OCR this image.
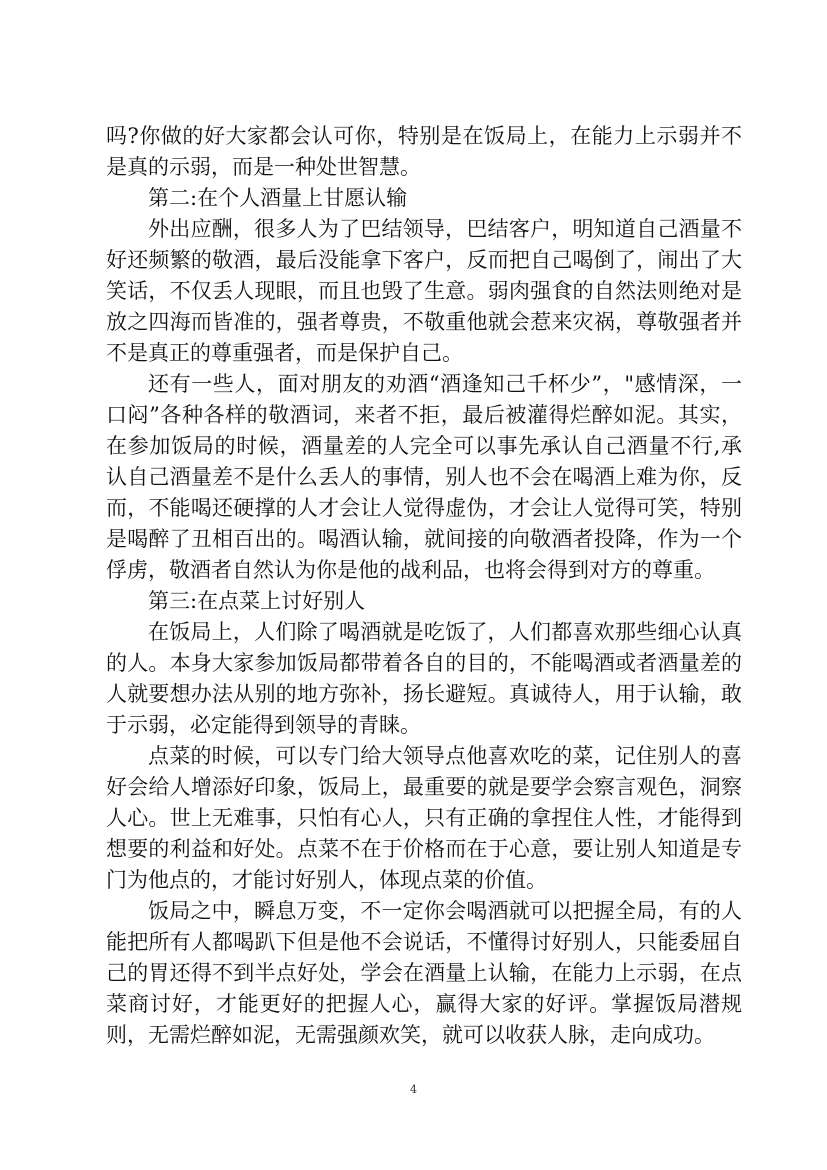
吗?你做的好大家都会认可你，特别是在饭局上，在能力上示弱并不是真的示弱，而是一种处世智慧。

第二:在个人酒量上甘愿认输

外出应酬，很多人为了巴结领导，巴结客户，明知道自己酒量不好还频繁的敬酒，最后没能拿下客户，反而把自己喝倒了，闹出了大笑话，不仅丢人现眼，而且也毁了生意。弱肉强食的自然法则绝对是放之四海而皆准的，强者尊贵，不敬重他就会惹来灾祸，尊敬强者并不是真正的尊重强者，而是保护自己。

还有一些人，面对朋友的劝酒“酒逢知己千杯少”，"感情深，一口闷”各种各样的敬酒词，来者不拒，最后被灌得烂醉如泥。其实，在参加饭局的时候，酒量差的人完全可以事先承认自己酒量不行,承认自己酒量差不是什么丢人的事情，别人也不会在喝酒上难为你，反而，不能喝还硬撑的人才会让人觉得虚伪，才会让人觉得可笑，特别是喝醉了丑相百出的。喝酒认输，就间接的向敬酒者投降，作为一个俘虏，敬酒者自然认为你是他的战利品，也将会得到对方的尊重。

第三:在点菜上讨好别人

在饭局上，人们除了喝酒就是吃饭了，人们都喜欢那些细心认真的人。本身大家参加饭局都带着各自的目的，不能喝酒或者酒量差的人就要想办法从别的地方弥补，扬长避短。真诚待人，用于认输，敢于示弱，必定能得到领导的青睐。

点菜的时候，可以专门给大领导点他喜欢吃的菜，记住别人的喜好会给人增添好印象，饭局上，最重要的就是要学会察言观色，洞察人心。世上无难事，只怕有心人，只有正确的拿捏住人性，才能得到想要的利益和好处。点菜不在于价格而在于心意，要让别人知道是专门为他点的，才能讨好别人，体现点菜的价值。

饭局之中，瞬息万变，不一定你会喝酒就可以把握全局，有的人能把所有人都喝趴下但是他不会说话，不懂得讨好别人，只能委屈自己的胃还得不到半点好处，学会在酒量上认输，在能力上示弱，在点菜商讨好，才能更好的把握人心，赢得大家的好评。掌握饭局潜规则，无需烂醉如泥，无需强颜欢笑，就可以收获人脉，走向成功。

4
